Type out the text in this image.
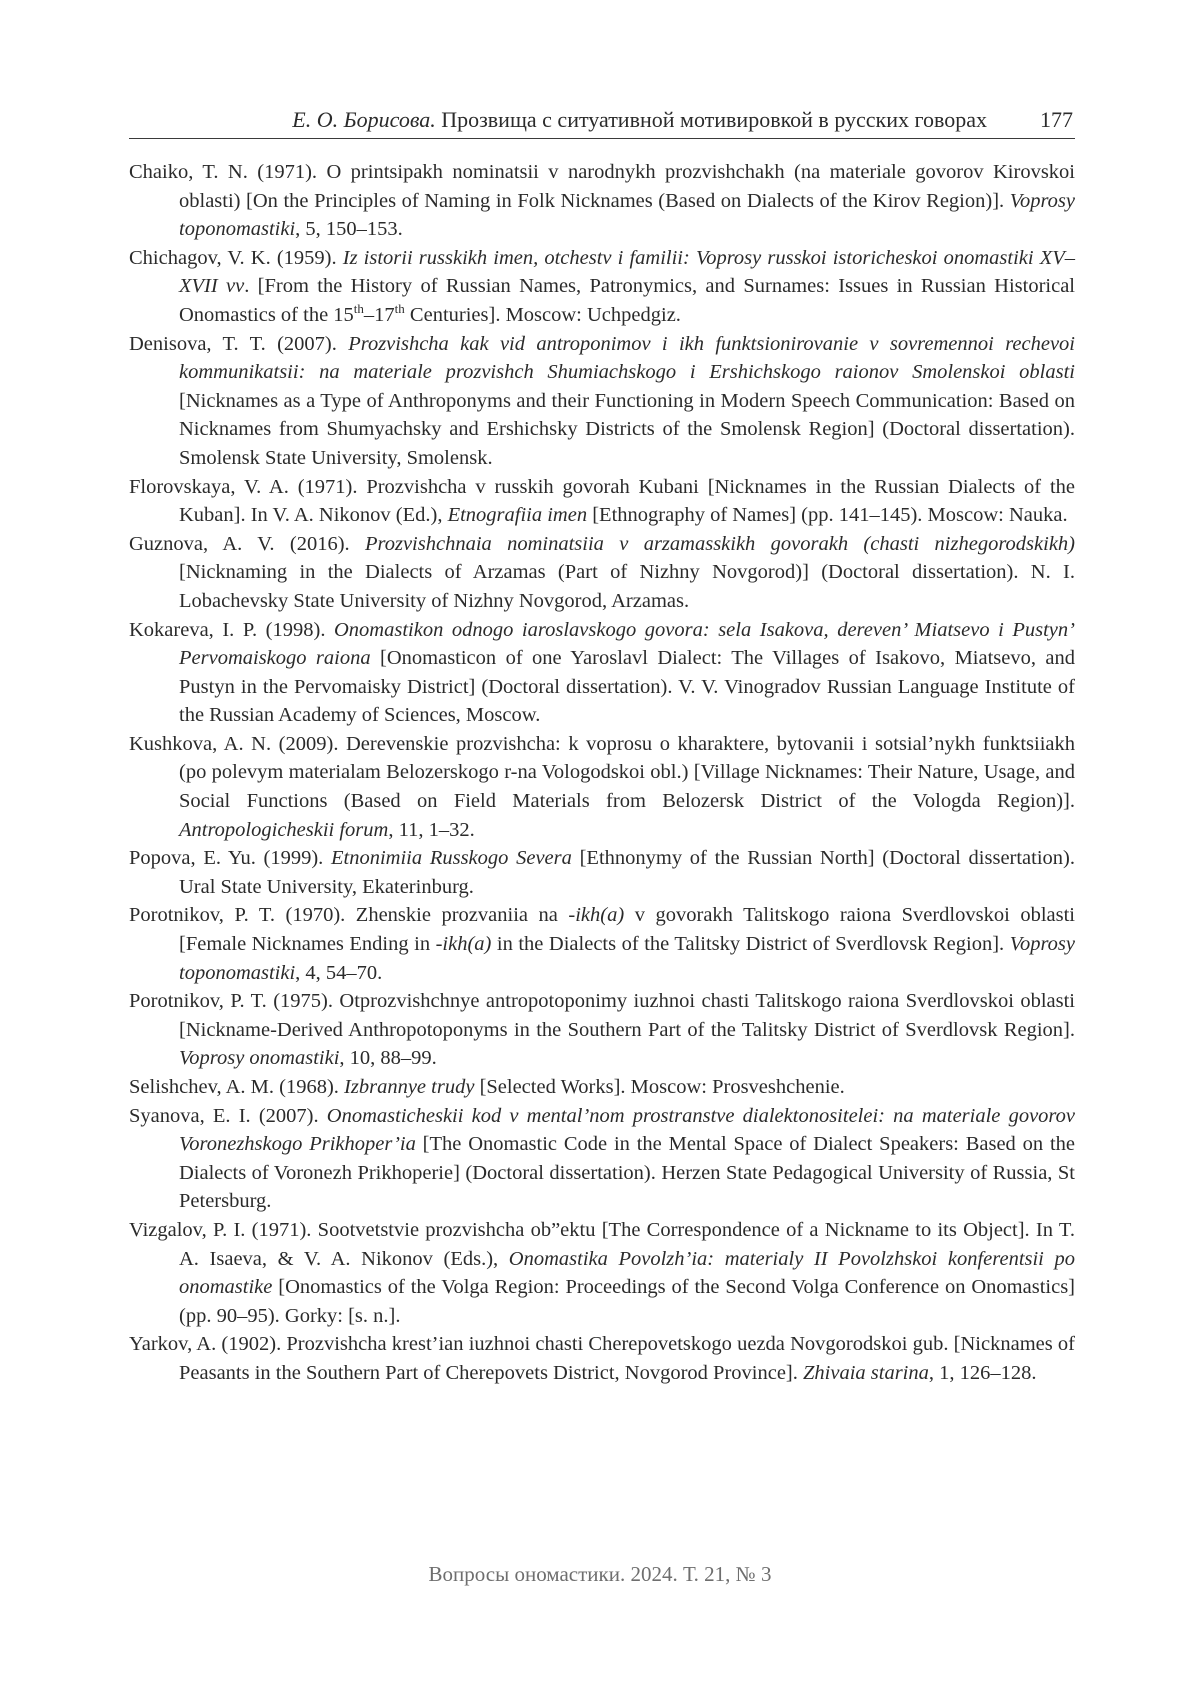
Е. О. Борисова. Прозвища с ситуативной мотивировкой в русских говорах 177
Chaiko, T. N. (1971). O printsipakh nominatsii v narodnykh prozvishchakh (na materiale govorov Kirovskoi oblasti) [On the Principles of Naming in Folk Nicknames (Based on Dialects of the Kirov Region)]. Voprosy toponomastiki, 5, 150–153.
Chichagov, V. K. (1959). Iz istorii russkikh imen, otchestv i familii: Voprosy russkoi istoricheskoi onomastiki XV–XVII vv. [From the History of Russian Names, Patronymics, and Surnames: Issues in Russian Historical Onomastics of the 15th–17th Centuries]. Moscow: Uchpedgiz.
Denisova, T. T. (2007). Prozvishcha kak vid antroponimov i ikh funktsionirovanie v sovremennoi rechevoi kommunikatsii: na materiale prozvishch Shumiachskogo i Ershichskogo raionov Smolenskoi oblasti [Nicknames as a Type of Anthroponyms and their Functioning in Modern Speech Communication: Based on Nicknames from Shumyachsky and Ershichsky Districts of the Smolensk Region] (Doctoral dissertation). Smolensk State University, Smolensk.
Florovskaya, V. A. (1971). Prozvishcha v russkih govorah Kubani [Nicknames in the Russian Dialects of the Kuban]. In V. A. Nikonov (Ed.), Etnografiia imen [Ethnography of Names] (pp. 141–145). Moscow: Nauka.
Guznova, A. V. (2016). Prozvishchnaia nominatsiia v arzamasskikh govorakh (chasti nizhegorodskikh) [Nicknaming in the Dialects of Arzamas (Part of Nizhny Novgorod)] (Doctoral dissertation). N. I. Lobachevsky State University of Nizhny Novgorod, Arzamas.
Kokareva, I. P. (1998). Onomastikon odnogo iaroslavskogo govora: sela Isakova, dereven’ Miatsevo i Pustyn’ Pervomaiskogo raiona [Onomasticon of one Yaroslavl Dialect: The Villages of Isakovo, Miatsevo, and Pustyn in the Pervomaisky District] (Doctoral dissertation). V. V. Vinogradov Russian Language Institute of the Russian Academy of Sciences, Moscow.
Kushkova, A. N. (2009). Derevenskie prozvishcha: k voprosu o kharaktere, bytovanii i sotsial’nykh funktsiiakh (po polevym materialam Belozerskogo r-na Vologodskoi obl.) [Village Nicknames: Their Nature, Usage, and Social Functions (Based on Field Materials from Belozersk District of the Vologda Region)]. Antropologicheskii forum, 11, 1–32.
Popova, E. Yu. (1999). Etnonimiia Russkogo Severa [Ethnonymy of the Russian North] (Doctoral dissertation). Ural State University, Ekaterinburg.
Porotnikov, P. T. (1970). Zhenskie prozvaniia na -ikh(a) v govorakh Talitskogo raiona Sverdlovskoi oblasti [Female Nicknames Ending in -ikh(a) in the Dialects of the Talitsky District of Sverdlovsk Region]. Voprosy toponomastiki, 4, 54–70.
Porotnikov, P. T. (1975). Otprozvishchnye antropotoponimy iuzhnoi chasti Talitskogo raiona Sverdlovskoi oblasti [Nickname-Derived Anthropotoponyms in the Southern Part of the Talitsky District of Sverdlovsk Region]. Voprosy onomastiki, 10, 88–99.
Selishchev, A. M. (1968). Izbrannye trudy [Selected Works]. Moscow: Prosveshchenie.
Syanova, E. I. (2007). Onomasticheskii kod v mental’nom prostranstve dialektonositelei: na materiale govorov Voronezhskogo Prikhoper’ia [The Onomastic Code in the Mental Space of Dialect Speakers: Based on the Dialects of Voronezh Prikhoperie] (Doctoral dissertation). Herzen State Pedagogical University of Russia, St Petersburg.
Vizgalov, P. I. (1971). Sootvetstvie prozvishcha ob”ektu [The Correspondence of a Nickname to its Object]. In T. A. Isaeva, & V. A. Nikonov (Eds.), Onomastika Povolzh’ia: materialy II Povolzhskoi konferentsii po onomastike [Onomastics of the Volga Region: Proceedings of the Second Volga Conference on Onomastics] (pp. 90–95). Gorky: [s. n.].
Yarkov, A. (1902). Prozvishcha krest’ian iuzhnoi chasti Cherepovetskogo uezda Novgorodskoi gub. [Nicknames of Peasants in the Southern Part of Cherepovets District, Novgorod Province]. Zhivaia starina, 1, 126–128.
Вопросы ономастики. 2024. Т. 21, № 3
